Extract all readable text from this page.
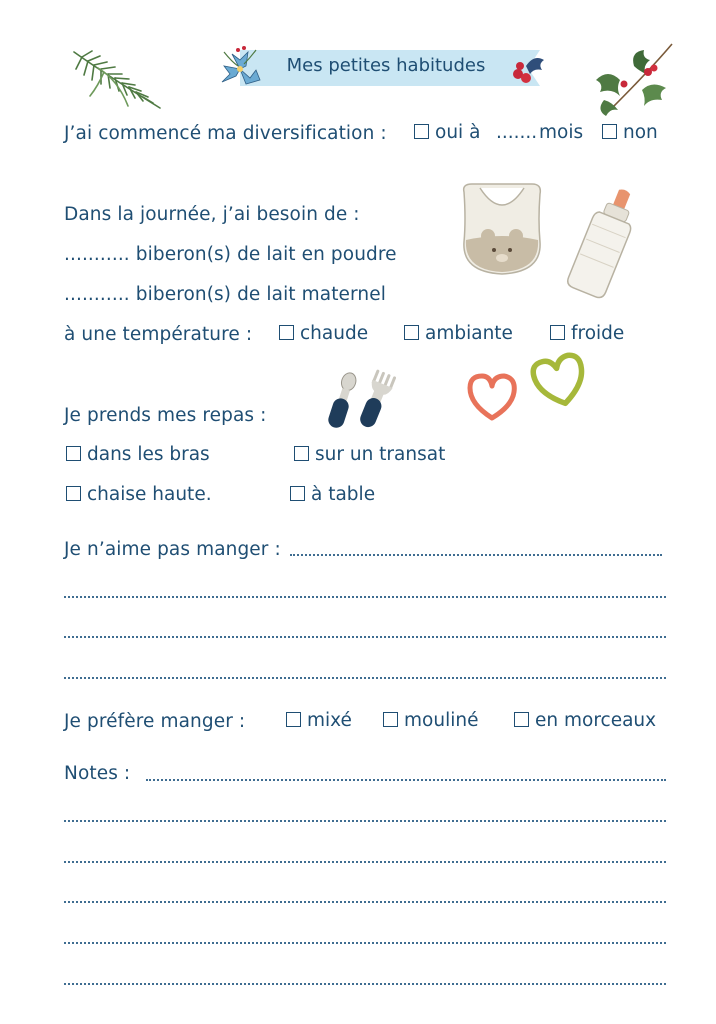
Mes petites habitudes
J’ai commencé ma diversification :	oui à ....... mois	non
Dans la journée, j’ai besoin de :
........... biberon(s) de lait en poudre
........... biberon(s) de lait maternel
à une température :	chaude	ambiante	froide
Je prends mes repas :
dans les bras	sur un transat
chaise haute.	à table
Je n’aime pas manger :
Je préfère manger :	mixé	mouliné	en morceaux
Notes :
